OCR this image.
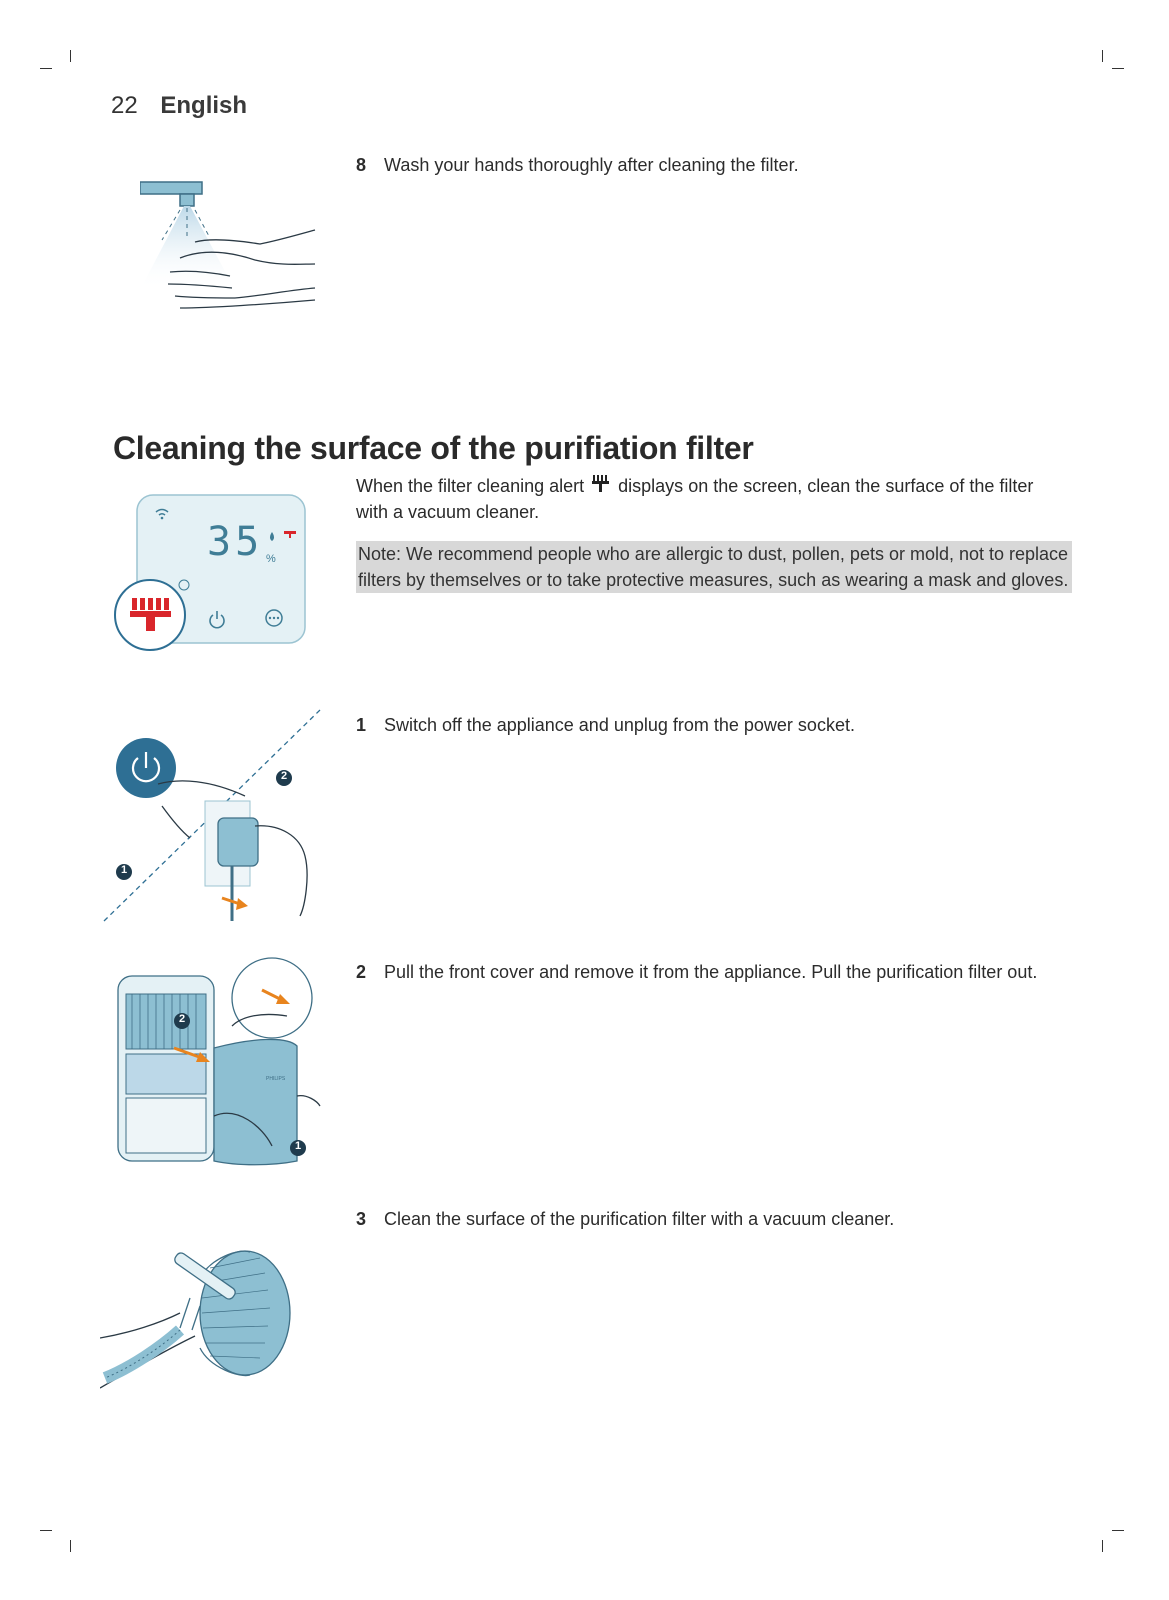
22 English
8 Wash your hands thoroughly after cleaning the filter.
Cleaning the surface of the purifiation filter
When the filter cleaning alert displays on the screen, clean the surface of the filter with a vacuum cleaner.
Note: We recommend people who are allergic to dust, pollen, pets or mold, not to replace filters by themselves or to take protective measures, such as wearing a mask and gloves.
35 %
1 Switch off the appliance and unplug from the power socket.
2
1
2 Pull the front cover and remove it from the appliance. Pull the purification filter out.
PHILIPS
2
1
3 Clean the surface of the purification filter with a vacuum cleaner.
